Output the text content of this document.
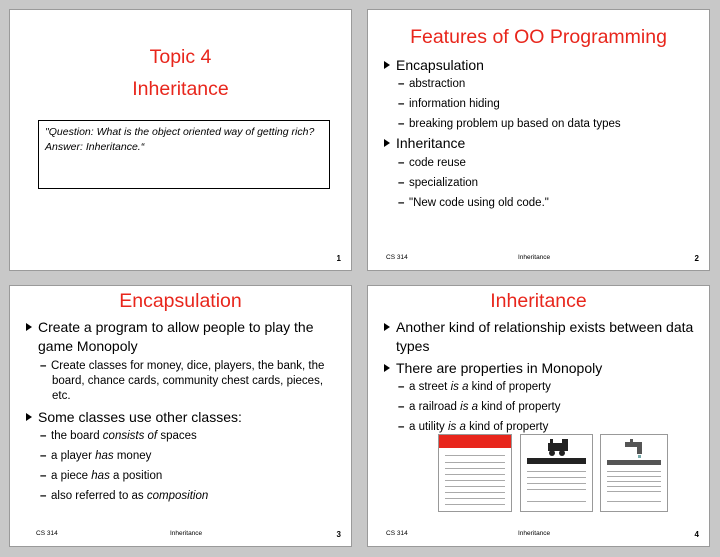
Topic 4
Inheritance
"Question: What is the object oriented way of getting rich?
Answer: Inheritance.“
1
Features of OO Programming
Encapsulation
– abstraction
– information hiding
– breaking problem up based on data types
Inheritance
– code reuse
– specialization
– "New code using old code."
CS 314	Inheritance	2
Encapsulation
Create a program to allow people to play the game Monopoly
– Create classes for money, dice, players, the bank, the board, chance cards, community chest cards, pieces, etc.
Some classes use other classes:
– the board consists of spaces
– a player has money
– a piece has a position
– also referred to as composition
CS 314	Inheritance	3
Inheritance
Another kind of relationship exists between data types
There are properties in Monopoly
– a street is a kind of property
– a railroad is a kind of property
– a utility is a kind of property
CS 314	Inheritance	4
